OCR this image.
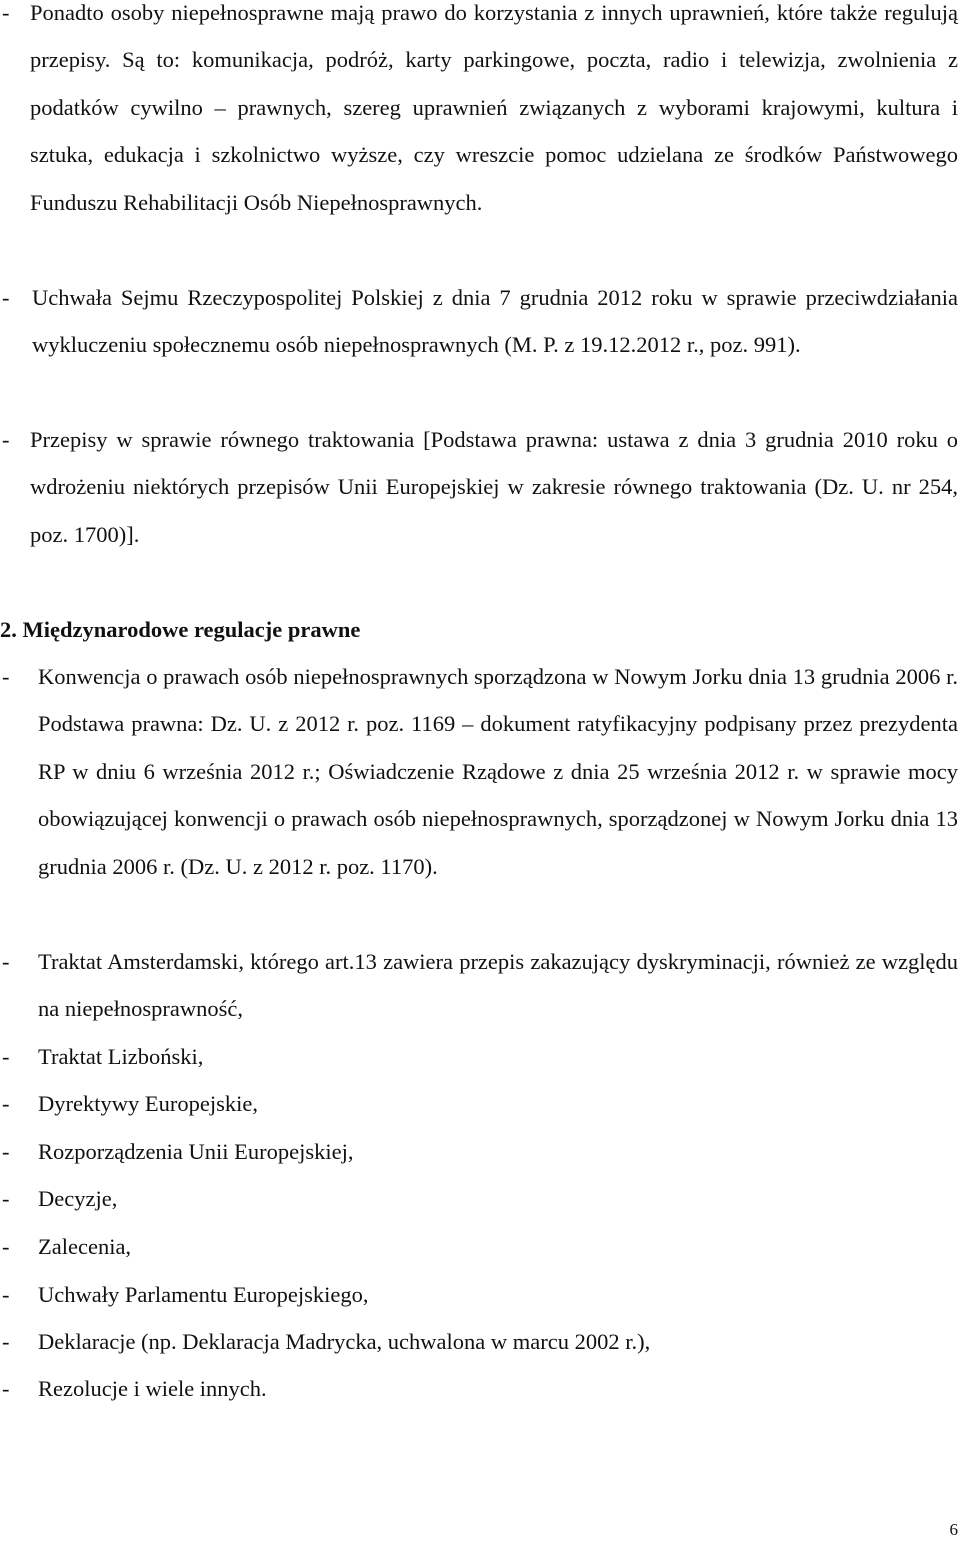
- Ponadto osoby niepełnosprawne mają prawo do korzystania z innych uprawnień, które także regulują przepisy. Są to: komunikacja, podróż, karty parkingowe, poczta, radio i telewizja, zwolnienia z podatków cywilno – prawnych, szereg uprawnień związanych z wyborami krajowymi, kultura i sztuka, edukacja i szkolnictwo wyższe, czy wreszcie pomoc udzielana ze środków Państwowego Funduszu Rehabilitacji Osób Niepełnosprawnych.
- Uchwała Sejmu Rzeczypospolitej Polskiej z dnia 7 grudnia 2012 roku w sprawie przeciwdziałania wykluczeniu społecznemu osób niepełnosprawnych (M. P. z 19.12.2012 r., poz. 991).
- Przepisy w sprawie równego traktowania [Podstawa prawna: ustawa z dnia 3 grudnia 2010 roku o wdrożeniu niektórych przepisów Unii Europejskiej w zakresie równego traktowania (Dz. U. nr 254, poz. 1700)].
2. Międzynarodowe regulacje prawne
- Konwencja o prawach osób niepełnosprawnych sporządzona w Nowym Jorku dnia 13 grudnia 2006 r. Podstawa prawna: Dz. U. z 2012 r. poz. 1169 – dokument ratyfikacyjny podpisany przez prezydenta RP w dniu 6 września 2012 r.; Oświadczenie Rządowe z dnia 25 września 2012 r. w sprawie mocy obowiązującej konwencji o prawach osób niepełnosprawnych, sporządzonej w Nowym Jorku dnia 13 grudnia 2006 r. (Dz. U. z 2012 r. poz. 1170).
- Traktat Amsterdamski, którego art.13 zawiera przepis zakazujący dyskryminacji, również ze względu na niepełnosprawność,
- Traktat Lizboński,
- Dyrektywy Europejskie,
- Rozporządzenia Unii Europejskiej,
- Decyzje,
- Zalecenia,
- Uchwały Parlamentu Europejskiego,
- Deklaracje (np. Deklaracja Madrycka, uchwalona w marcu 2002 r.),
- Rezolucje i wiele innych.
6
